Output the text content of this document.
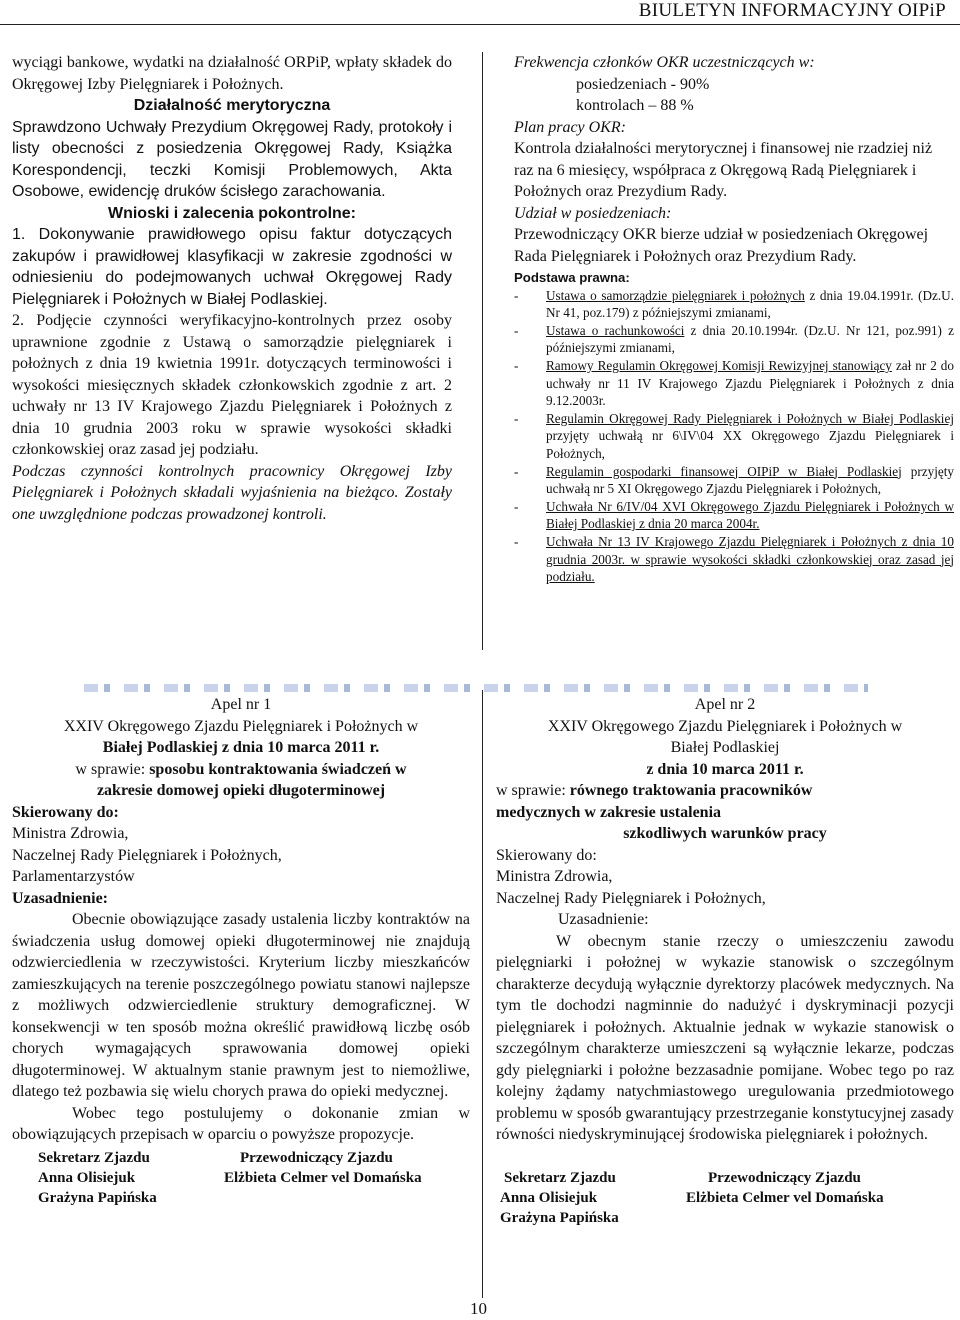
BIULETYN INFORMACYJNY OIPiP

wyciągi bankowe, wydatki na działalność ORPiP, wpłaty składek do Okręgowej Izby Pielęgniarek i Położnych.

Działalność merytoryczna

Sprawdzono Uchwały Prezydium Okręgowej Rady, protokoły i listy obecności z posiedzenia Okręgowej Rady, Książka Korespondencji, teczki Komisji Problemowych, Akta Osobowe, ewidencję druków ścisłego zarachowania.

Wnioski i zalecenia pokontrolne:

1. Dokonywanie prawidłowego opisu faktur dotyczących zakupów i prawidłowej klasyfikacji w zakresie zgodności w odniesieniu do podejmowanych uchwał Okręgowej Rady Pielęgniarek i Położnych w Białej Podlaskiej.

2. Podjęcie czynności weryfikacyjno-kontrolnych przez osoby uprawnione zgodnie z Ustawą o samorządzie pielęgniarek i położnych z dnia 19 kwietnia 1991r. dotyczących terminowości i wysokości miesięcznych składek członkowskich zgodnie z art. 2 uchwały nr 13 IV Krajowego Zjazdu Pielęgniarek i Położnych z dnia 10 grudnia 2003 roku w sprawie wysokości składki członkowskiej oraz zasad jej podziału.

Podczas czynności kontrolnych pracownicy Okręgowej Izby Pielęgniarek i Położnych składali wyjaśnienia na bieżąco. Zostały one uwzględnione podczas prowadzonej kontroli.

Frekwencja członków OKR uczestniczących w:

posiedzeniach - 90%

kontrolach – 88 %

Plan pracy OKR:

Kontrola działalności merytorycznej i finansowej nie rzadziej niż raz na 6 miesięcy, współpraca z Okręgową Radą Pielęgniarek i Położnych oraz Prezydium Rady.

Udział w posiedzeniach:

Przewodniczący OKR bierze udział w posiedzeniach Okręgowej Rada Pielęgniarek i Położnych oraz Prezydium Rady.

Podstawa prawna:

-	Ustawa o samorządzie pielęgniarek i położnych z dnia 19.04.1991r. (Dz.U. Nr 41, poz.179) z późniejszymi zmianami,
-	Ustawa o rachunkowości z dnia 20.10.1994r. (Dz.U. Nr 121, poz.991) z późniejszymi zmianami,
-	Ramowy Regulamin Okręgowej Komisji Rewizyjnej stanowiący zał nr 2 do uchwały nr 11 IV Krajowego Zjazdu Pielęgniarek i Położnych z dnia 9.12.2003r.
-	Regulamin Okręgowej Rady Pielęgniarek i Położnych w Białej Podlaskiej przyjęty uchwałą nr 6\IV\04 XX Okręgowego Zjazdu Pielęgniarek i Położnych,
-	Regulamin gospodarki finansowej OIPiP w Białej Podlaskiej przyjęty uchwałą nr 5 XI Okręgowego Zjazdu Pielęgniarek i Położnych,
-	Uchwała Nr 6/IV/04 XVI Okręgowego Zjazdu Pielęgniarek i Położnych w Białej Podlaskiej z dnia 20 marca 2004r.
-	Uchwała Nr 13 IV Krajowego Zjazdu Pielęgniarek i Położnych z dnia 10 grudnia 2003r. w sprawie wysokości składki członkowskiej oraz zasad jej podziału.

Apel nr 1

XXIV Okręgowego Zjazdu Pielęgniarek i Położnych w

Białej Podlaskiej z dnia 10 marca 2011 r.

w sprawie: sposobu kontraktowania świadczeń w

zakresie domowej opieki długoterminowej

Skierowany do:

Ministra Zdrowia,

Naczelnej Rady Pielęgniarek i Położnych,

Parlamentarzystów

Uzasadnienie:

Obecnie obowiązujące zasady ustalenia liczby kontraktów na świadczenia usług domowej opieki długoterminowej nie znajdują odzwierciedlenia w rzeczywistości. Kryterium liczby mieszkańców zamieszkujących na terenie poszczególnego powiatu stanowi najlepsze z możliwych odzwierciedlenie struktury demograficznej. W konsekwencji w ten sposób można określić prawidłową liczbę osób chorych wymagających sprawowania domowej opieki długoterminowej. W aktualnym stanie prawnym jest to niemożliwe, dlatego też pozbawia się wielu chorych prawa do opieki medycznej.

Wobec tego postulujemy o dokonanie zmian w obowiązujących przepisach w oparciu o powyższe propozycje.

Sekretarz Zjazdu
Anna Olisiejuk
Grażyna Papińska
Przewodniczący Zjazdu
Elżbieta Celmer vel Domańska

Apel nr 2

XXIV Okręgowego Zjazdu Pielęgniarek i Położnych w

Białej Podlaskiej

z dnia 10 marca 2011 r.

w sprawie: równego traktowania pracowników

medycznych w zakresie ustalenia

szkodliwych warunków pracy

Skierowany do:

Ministra Zdrowia,

Naczelnej Rady Pielęgniarek i Położnych,

Uzasadnienie:

W obecnym stanie rzeczy o umieszczeniu zawodu pielęgniarki i położnej w wykazie stanowisk o szczególnym charakterze decydują wyłącznie dyrektorzy placówek medycznych. Na tym tle dochodzi nagminnie do nadużyć i dyskryminacji pozycji pielęgniarek i położnych. Aktualnie jednak w wykazie stanowisk o szczególnym charakterze umieszczeni są wyłącznie lekarze, podczas gdy pielęgniarki i położne bezzasadnie pomijane. Wobec tego po raz kolejny żądamy natychmiastowego uregulowania przedmiotowego problemu w sposób gwarantujący przestrzeganie konstytucyjnej zasady równości niedyskryminującej środowiska pielęgniarek i położnych.

Sekretarz Zjazdu
Anna Olisiejuk
Grażyna Papińska
Przewodniczący Zjazdu
Elżbieta Celmer vel Domańska
10
